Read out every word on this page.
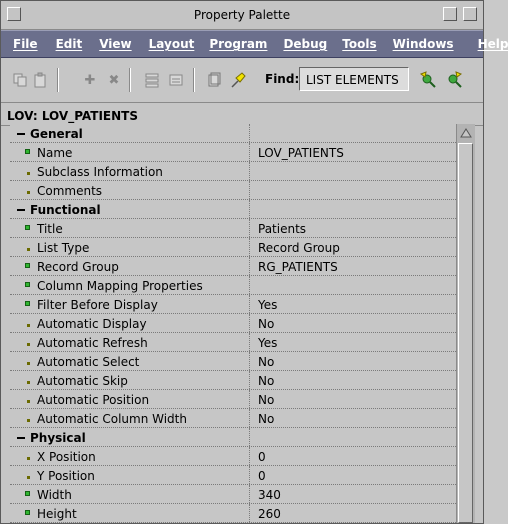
Property Palette
File Edit View Layout Program Debug Tools Windows Help
✚ ✖	Find: LIST ELEMENTS
LOV: LOV_PATIENTS
General
Name	LOV_PATIENTS
Subclass Information
Comments
Functional
Title	Patients
List Type	Record Group
Record Group	RG_PATIENTS
Column Mapping Properties
Filter Before Display	Yes
Automatic Display	No
Automatic Refresh	Yes
Automatic Select	No
Automatic Skip	No
Automatic Position	No
Automatic Column Width	No
Physical
X Position	0
Y Position	0
Width	340
Height	260
